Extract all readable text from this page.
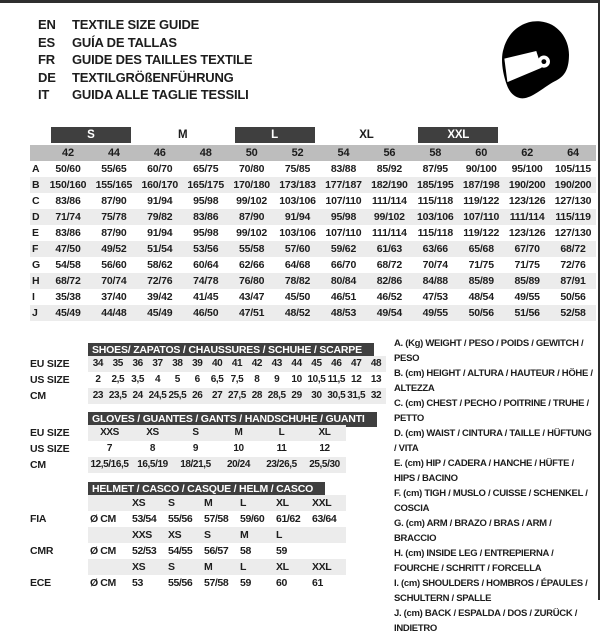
EN	TEXTILE SIZE GUIDE
ES	GUÍA DE TALLAS
FR	GUIDE DES TAILLES TEXTILE
DE	TEXTILGRÖßENFÜHRUNG
IT	GUIDA ALLE TAGLIE TESSILI
S	M	L	XL	XXL
42	44	46	48	50	52	54	56	58	60	62	64
A	50/60	55/65	60/70	65/75	70/80	75/85	83/88	85/92	87/95	90/100	95/100	105/115
B 150/160 155/165 160/170 165/175 170/180 173/183 177/187 182/190 185/195 187/198 190/200 190/200
C	83/86	87/90	91/94	95/98	99/102	103/106 107/110	111/114	115/118 119/122 123/126 127/130
D	71/74	75/78	79/82	83/86	87/90	91/94	95/98	99/102	103/106 107/110	111/114	115/119
E	83/86	87/90	91/94	95/98	99/102	103/106 107/110	111/114	115/118 119/122 123/126 127/130
F	47/50	49/52	51/54	53/56	55/58	57/60	59/62	61/63	63/66	65/68	67/70	68/72
G	54/58	56/60	58/62	60/64	62/66	64/68	66/70	68/72	70/74	71/75	71/75	72/76
H	68/72	70/74	72/76	74/78	76/80	78/82	80/84	82/86	84/88	85/89	85/89	87/91
I	35/38	37/40	39/42	41/45	43/47	45/50	46/51	46/52	47/53	48/54	49/55	50/56
J	45/49	44/48	45/49	46/50	47/51	48/52	48/53	49/54	49/55	50/56	51/56	52/58
SHOES/ ZAPATOS / CHAUSSURES / SCHUHE / SCARPE
EU SIZE	34 35 36 37 38 39 40 41 42 43 44 45 46 47 48
US SIZE	2	2,5 3,5	4	5	6	6,5 7,5	8	9	10 10,5 11,5 12 13
CM	23 23,5 24 24,5 25,5 26 27 27,5 28 28,5 29 30 30,5 31,5 32
GLOVES / GUANTES / GANTS / HANDSCHUHE / GUANTI
EU SIZE	XXS	XS	S	M	L	XL
US SIZE	7	8	9	10	11	12
CM	12,5/16,5 16,5/19	18/21,5	20/24	23/26,5	25,5/30
HELMET / CASCO / CASQUE / HELM / CASCO
XS	S	M	L	XL	XXL
FIA	Ø CM	53/54	55/56	57/58	59/60	61/62	63/64
XXS	XS	S	M	L
CMR	Ø CM	52/53	54/55	56/57	58	59
XS	S	M	L	XL	XXL
ECE	Ø CM	53	55/56	57/58	59	60	61
A. (Kg) WEIGHT / PESO / POIDS / GEWITCH / PESO
B. (cm) HEIGHT / ALTURA / HAUTEUR / HÖHE / ALTEZZA
C. (cm) CHEST / PECHO / POITRINE / TRUHE / PETTO
D. (cm) WAIST / CINTURA / TAILLE / HÜFTUNG / VITA
E. (cm) HIP / CADERA / HANCHE / HÜFTE / HIPS / BACINO
F. (cm) TIGH / MUSLO / CUISSE / SCHENKEL / COSCIA
G. (cm) ARM / BRAZO / BRAS / ARM / BRACCIO
H. (cm) INSIDE LEG / ENTREPIERNA / FOURCHE / SCHRITT / FORCELLA
I. (cm) SHOULDERS / HOMBROS / ÉPAULES / SCHULTERN / SPALLE
J. (cm) BACK / ESPALDA / DOS / ZURÜCK / INDIETRO
